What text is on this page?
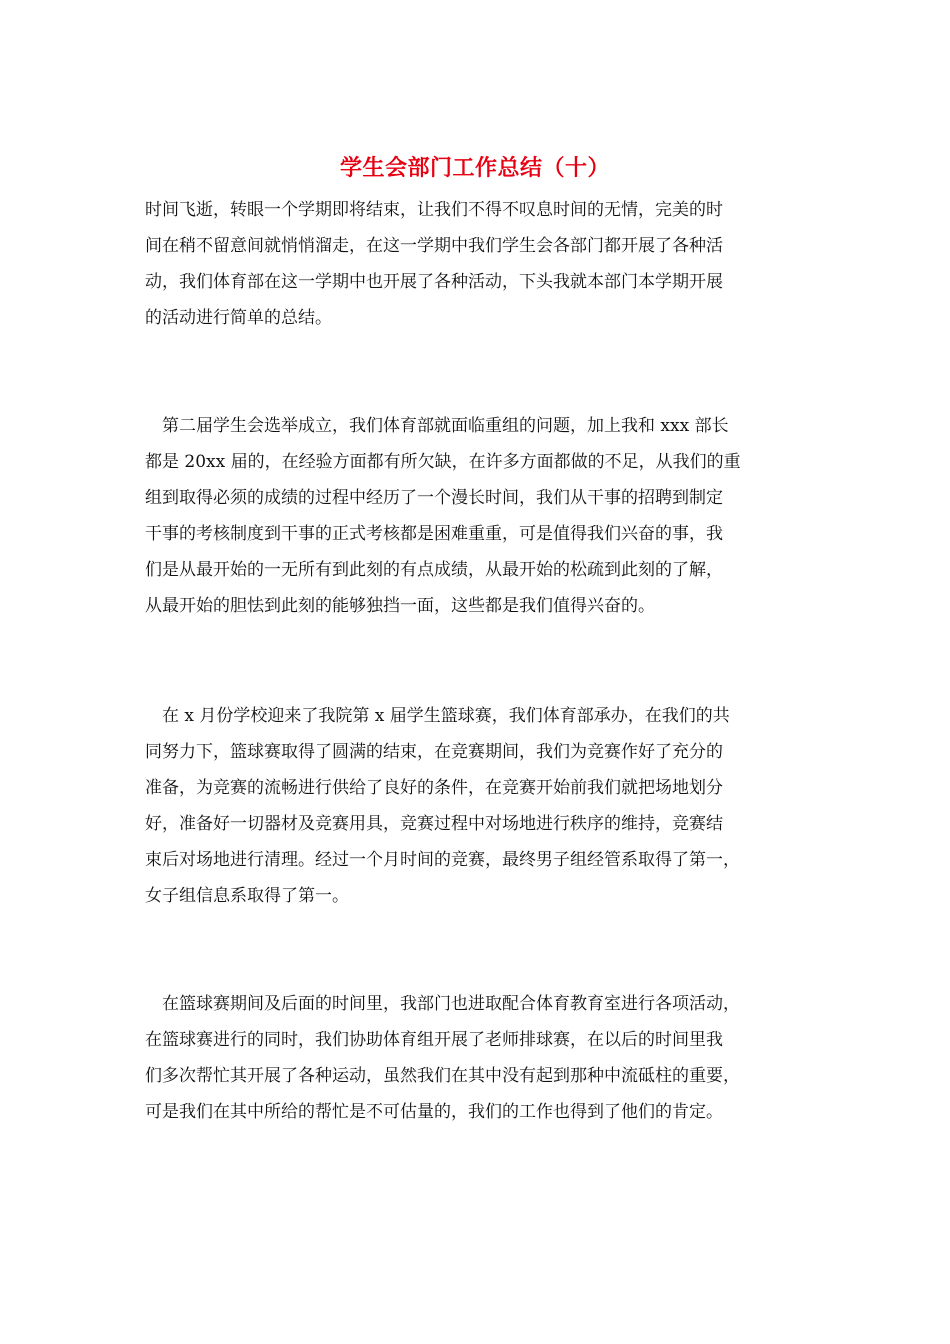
学生会部门工作总结（十）
时间飞逝，转眼一个学期即将结束，让我们不得不叹息时间的无情，完美的时
间在稍不留意间就悄悄溜走，在这一学期中我们学生会各部门都开展了各种活
动，我们体育部在这一学期中也开展了各种活动，下头我就本部门本学期开展
的活动进行简单的总结。
　第二届学生会选举成立，我们体育部就面临重组的问题，加上我和 xxx 部长
都是 20xx 届的，在经验方面都有所欠缺，在许多方面都做的不足，从我们的重
组到取得必须的成绩的过程中经历了一个漫长时间，我们从干事的招聘到制定
干事的考核制度到干事的正式考核都是困难重重，可是值得我们兴奋的事，我
们是从最开始的一无所有到此刻的有点成绩，从最开始的松疏到此刻的了解，
从最开始的胆怯到此刻的能够独挡一面，这些都是我们值得兴奋的。
　在 x 月份学校迎来了我院第 x 届学生篮球赛，我们体育部承办，在我们的共
同努力下，篮球赛取得了圆满的结束，在竞赛期间，我们为竞赛作好了充分的
准备，为竞赛的流畅进行供给了良好的条件，在竞赛开始前我们就把场地划分
好，准备好一切器材及竞赛用具，竞赛过程中对场地进行秩序的维持，竞赛结
束后对场地进行清理。经过一个月时间的竞赛，最终男子组经管系取得了第一，
女子组信息系取得了第一。
　在篮球赛期间及后面的时间里，我部门也进取配合体育教育室进行各项活动，
在篮球赛进行的同时，我们协助体育组开展了老师排球赛，在以后的时间里我
们多次帮忙其开展了各种运动，虽然我们在其中没有起到那种中流砥柱的重要，
可是我们在其中所给的帮忙是不可估量的，我们的工作也得到了他们的肯定。
